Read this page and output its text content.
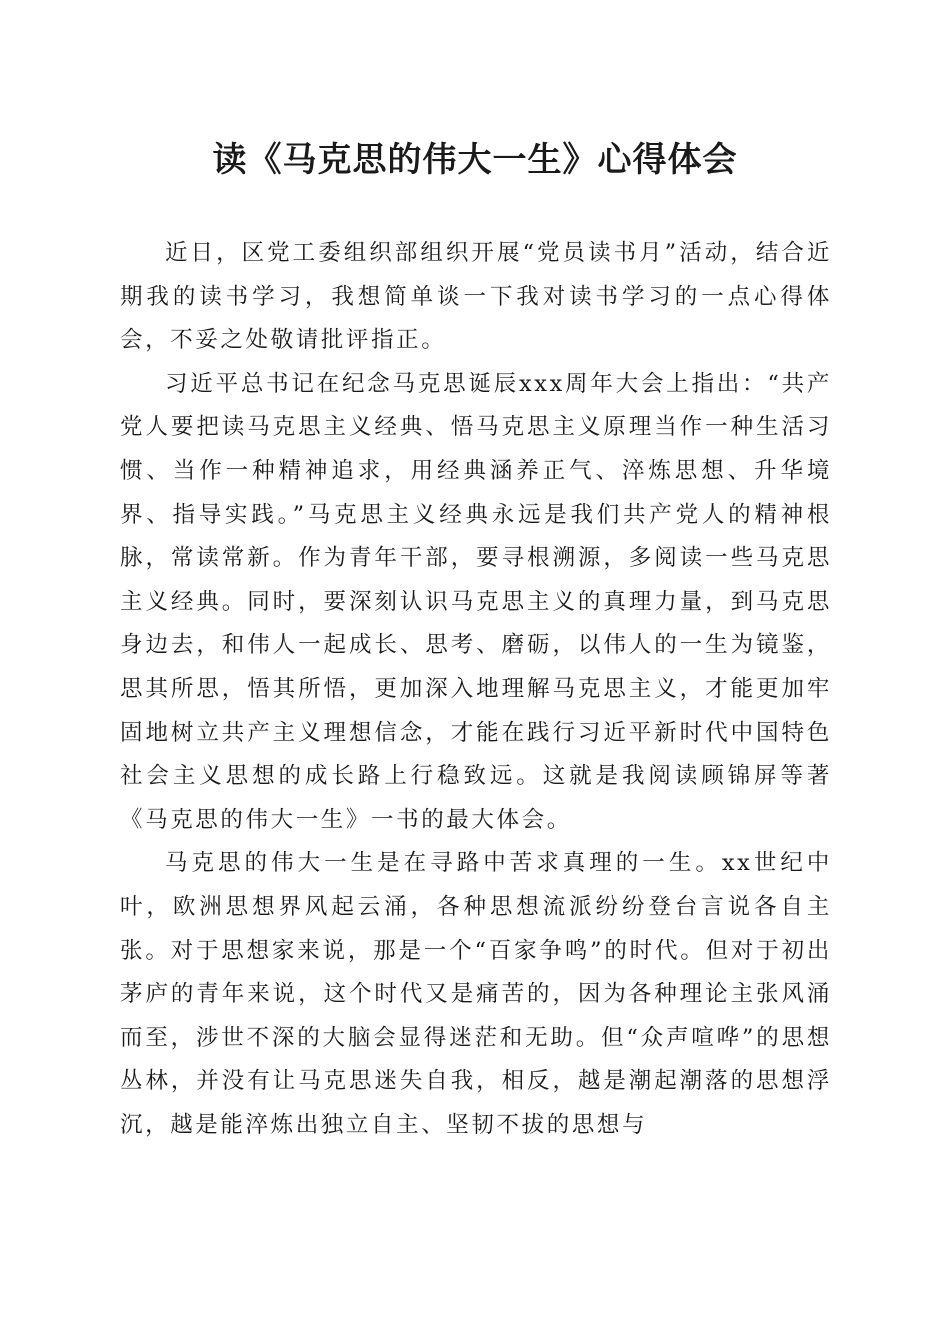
读《马克思的伟大一生》心得体会

近日，区党工委组织部组织开展“党员读书月”活动，结合近期我的读书学习，我想简单谈一下我对读书学习的一点心得体会，不妥之处敬请批评指正。

习近平总书记在纪念马克思诞辰xxx周年大会上指出：“共产党人要把读马克思主义经典、悟马克思主义原理当作一种生活习惯、当作一种精神追求，用经典涵养正气、淬炼思想、升华境界、指导实践。”马克思主义经典永远是我们共产党人的精神根脉，常读常新。作为青年干部，要寻根溯源，多阅读一些马克思主义经典。同时，要深刻认识马克思主义的真理力量，到马克思身边去，和伟人一起成长、思考、磨砺，以伟人的一生为镜鉴，思其所思，悟其所悟，更加深入地理解马克思主义，才能更加牢固地树立共产主义理想信念，才能在践行习近平新时代中国特色社会主义思想的成长路上行稳致远。这就是我阅读顾锦屏等著《马克思的伟大一生》一书的最大体会。

马克思的伟大一生是在寻路中苦求真理的一生。xx世纪中叶，欧洲思想界风起云涌，各种思想流派纷纷登台言说各自主张。对于思想家来说，那是一个“百家争鸣”的时代。但对于初出茅庐的青年来说，这个时代又是痛苦的，因为各种理论主张风涌而至，涉世不深的大脑会显得迷茫和无助。但“众声喧哗”的思想丛林，并没有让马克思迷失自我，相反，越是潮起潮落的思想浮沉，越是能淬炼出独立自主、坚韧不拔的思想与
